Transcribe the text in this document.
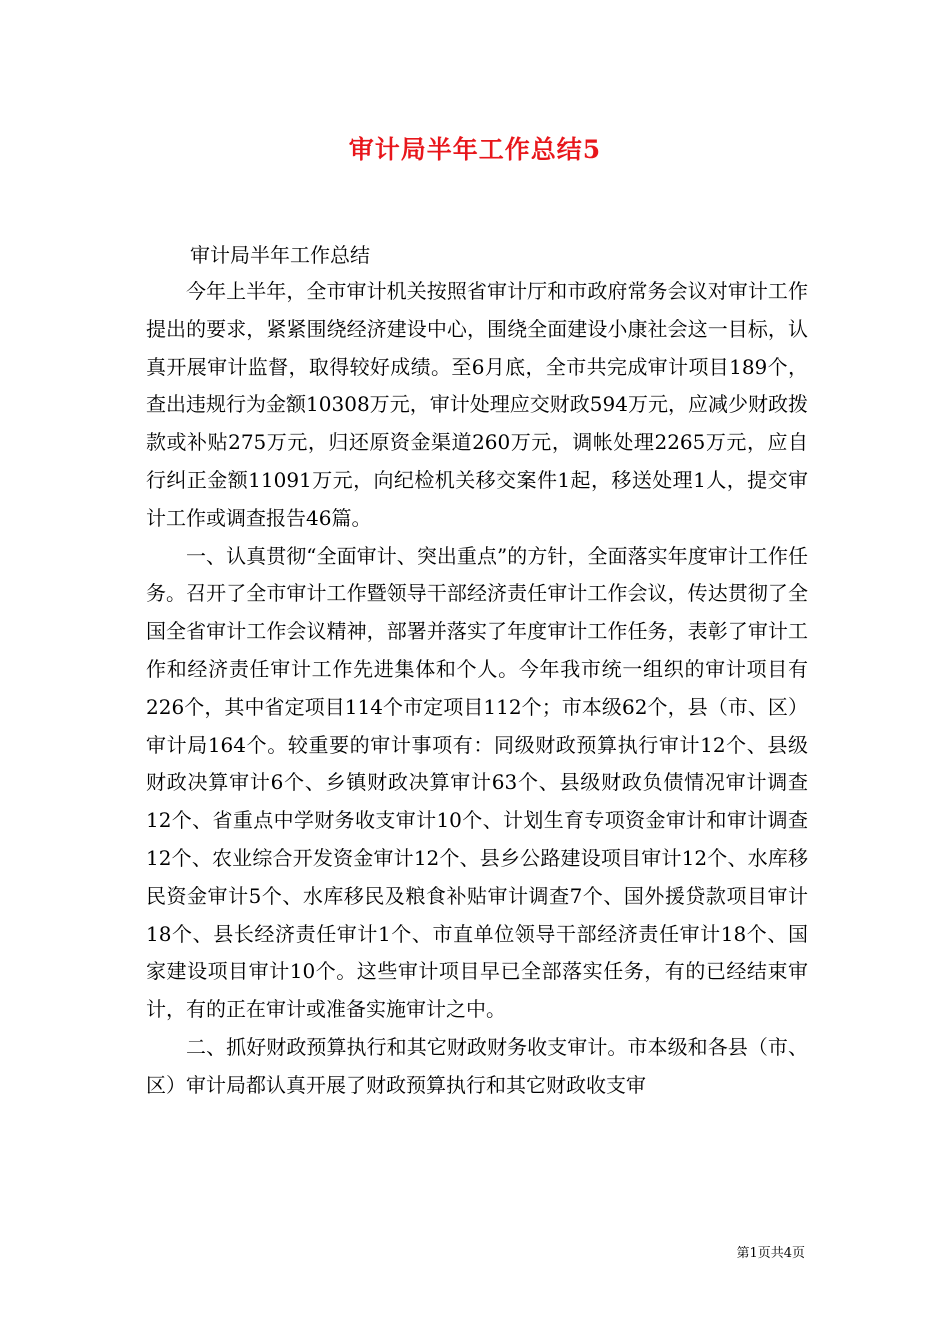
审计局半年工作总结5
审计局半年工作总结

今年上半年，全市审计机关按照省审计厅和市政府常务会议对审计工作提出的要求，紧紧围绕经济建设中心，围绕全面建设小康社会这一目标，认真开展审计监督，取得较好成绩。至6月底，全市共完成审计项目189个，查出违规行为金额10308万元，审计处理应交财政594万元，应减少财政拨款或补贴275万元，归还原资金渠道260万元，调帐处理2265万元，应自行纠正金额11091万元，向纪检机关移交案件1起，移送处理1人，提交审计工作或调查报告46篇。

一、认真贯彻“全面审计、突出重点”的方针，全面落实年度审计工作任务。召开了全市审计工作暨领导干部经济责任审计工作会议，传达贯彻了全国全省审计工作会议精神，部署并落实了年度审计工作任务，表彰了审计工作和经济责任审计工作先进集体和个人。今年我市统一组织的审计项目有226个，其中省定项目114个市定项目112个；市本级62个，县（市、区）审计局164个。较重要的审计事项有：同级财政预算执行审计12个、县级财政决算审计6个、乡镇财政决算审计63个、县级财政负债情况审计调查12个、省重点中学财务收支审计10个、计划生育专项资金审计和审计调查12个、农业综合开发资金审计12个、县乡公路建设项目审计12个、水库移民资金审计5个、水库移民及粮食补贴审计调查7个、国外援贷款项目审计18个、县长经济责任审计1个、市直单位领导干部经济责任审计18个、国家建设项目审计10个。这些审计项目早已全部落实任务，有的已经结束审计，有的正在审计或准备实施审计之中。

二、抓好财政预算执行和其它财政财务收支审计。市本级和各县（市、区）审计局都认真开展了财政预算执行和其它财政收支审

第1页共4页
